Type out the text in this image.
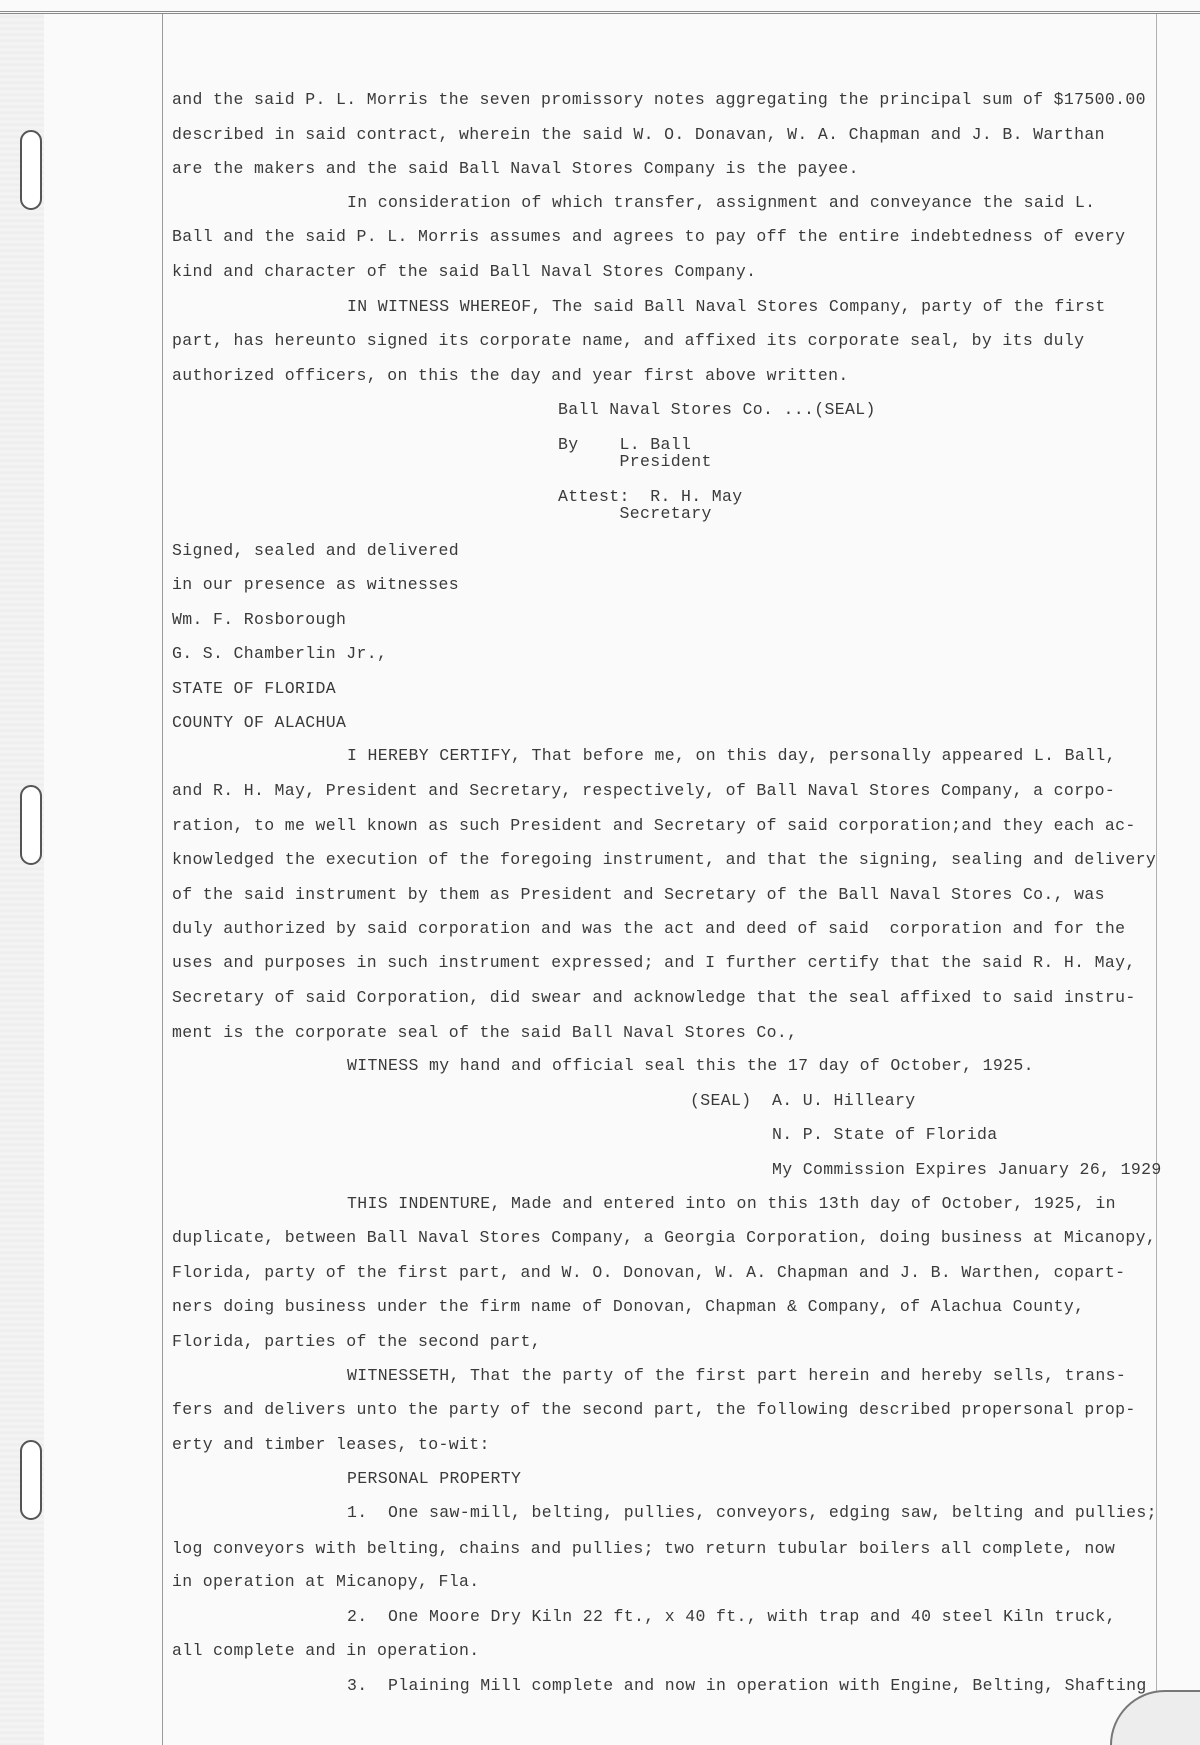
and the said P. L. Morris the seven promissory notes aggregating the principal sum of $17500.00
described in said contract, wherein the said W. O. Donavan, W. A. Chapman and J. B. Warthan
are the makers and the said Ball Naval Stores Company is the payee.
In consideration of which transfer, assignment and conveyance the said L.
Ball and the said P. L. Morris assumes and agrees to pay off the entire indebtedness of every
kind and character of the said Ball Naval Stores Company.
IN WITNESS WHEREOF, The said Ball Naval Stores Company, party of the first
part, has hereunto signed its corporate name, and affixed its corporate seal, by its duly
authorized officers, on this the day and year first above written.
Ball Naval Stores Co. ...(SEAL)
By    L. Ball
President
Attest:  R. H. May
Secretary
Signed, sealed and delivered
in our presence as witnesses
Wm. F. Rosborough
G. S. Chamberlin Jr.,
STATE OF FLORIDA
COUNTY OF ALACHUA
I HEREBY CERTIFY, That before me, on this day, personally appeared L. Ball,
and R. H. May, President and Secretary, respectively, of Ball Naval Stores Company, a corpo-
ration, to me well known as such President and Secretary of said corporation;and they each ac-
knowledged the execution of the foregoing instrument, and that the signing, sealing and delivery
of the said instrument by them as President and Secretary of the Ball Naval Stores Co., was
duly authorized by said corporation and was the act and deed of said  corporation and for the
uses and purposes in such instrument expressed; and I further certify that the said R. H. May,
Secretary of said Corporation, did swear and acknowledge that the seal affixed to said instru-
ment is the corporate seal of the said Ball Naval Stores Co.,
WITNESS my hand and official seal this the 17 day of October, 1925.
(SEAL)  A. U. Hilleary
N. P. State of Florida
My Commission Expires January 26, 1929
THIS INDENTURE, Made and entered into on this 13th day of October, 1925, in
duplicate, between Ball Naval Stores Company, a Georgia Corporation, doing business at Micanopy,
Florida, party of the first part, and W. O. Donovan, W. A. Chapman and J. B. Warthen, copart-
ners doing business under the firm name of Donovan, Chapman & Company, of Alachua County,
Florida, parties of the second part,
WITNESSETH, That the party of the first part herein and hereby sells, trans-
fers and delivers unto the party of the second part, the following described propersonal prop-
erty and timber leases, to-wit:
PERSONAL PROPERTY
1.  One saw-mill, belting, pullies, conveyors, edging saw, belting and pullies;
log conveyors with belting, chains and pullies; two return tubular boilers all complete, now
in operation at Micanopy, Fla.
2.  One Moore Dry Kiln 22 ft., x 40 ft., with trap and 40 steel Kiln truck,
all complete and in operation.
3.  Plaining Mill complete and now in operation with Engine, Belting, Shafting
